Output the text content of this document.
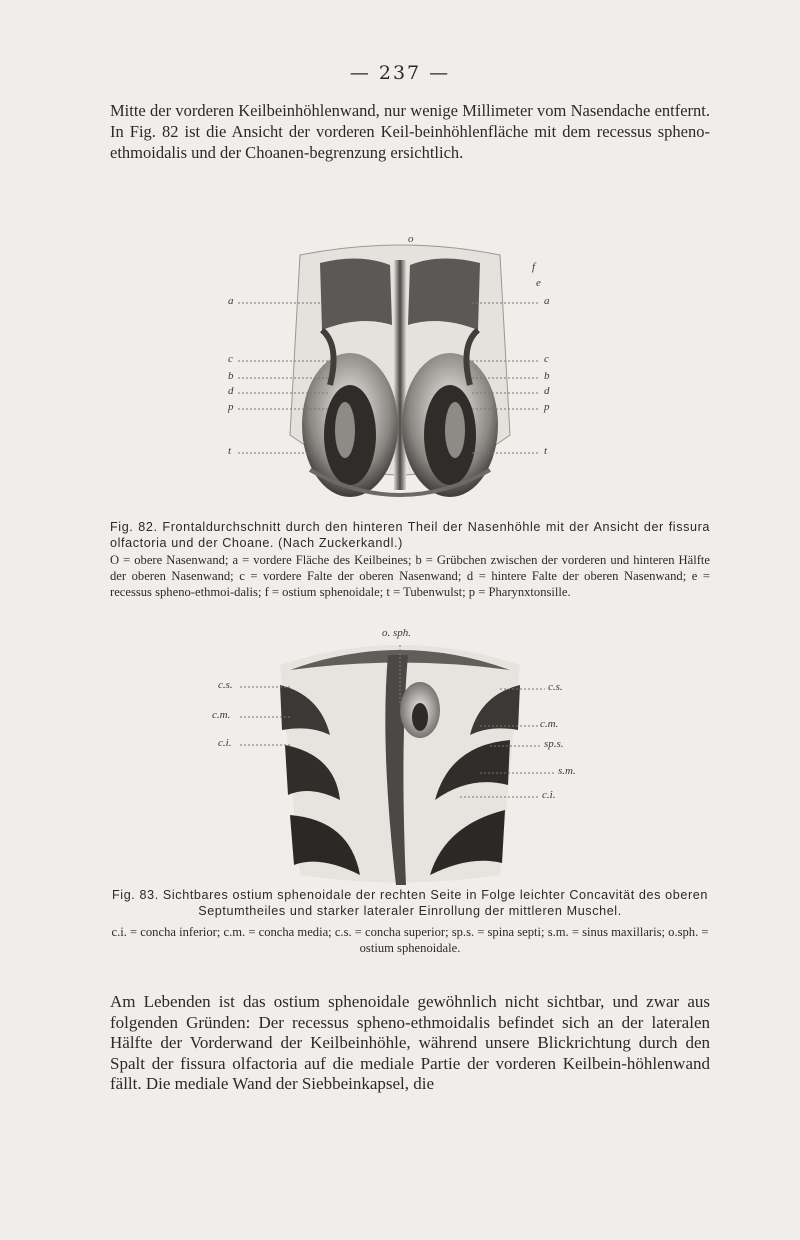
— 237 —
Mitte der vorderen Keilbeinhöhlenwand, nur wenige Millimeter vom Nasendache entfernt. In Fig. 82 ist die Ansicht der vorderen Keil-beinhöhlenfläche mit dem recessus spheno-ethmoidalis und der Choanen-begrenzung ersichtlich.
o
f
e
a	a
c	c
b	b
d	d
p	p
t	t
Fig. 82. Frontaldurchschnitt durch den hinteren Theil der Nasenhöhle mit der Ansicht der fissura olfactoria und der Choane. (Nach Zuckerkandl.)
O = obere Nasenwand; a = vordere Fläche des Keilbeines; b = Grübchen zwischen der vorderen und hinteren Hälfte der oberen Nasenwand; c = vordere Falte der oberen Nasenwand; d = hintere Falte der oberen Nasenwand; e = recessus spheno-ethmoi-dalis; f = ostium sphenoidale; t = Tubenwulst; p = Pharynxtonsille.
o. sph.
c.s.
c.m.
c.i.
c.s.
c.m.
sp.s.
s.m.
c.i.
Fig. 83. Sichtbares ostium sphenoidale der rechten Seite in Folge leichter Concavität des oberen Septumtheiles und starker lateraler Einrollung der mittleren Muschel.
c.i. = concha inferior; c.m. = concha media; c.s. = concha superior; sp.s. = spina septi; s.m. = sinus maxillaris; o.sph. = ostium sphenoidale.
Am Lebenden ist das ostium sphenoidale gewöhnlich nicht sichtbar, und zwar aus folgenden Gründen: Der recessus spheno-ethmoidalis befindet sich an der lateralen Hälfte der Vorderwand der Keilbeinhöhle, während unsere Blickrichtung durch den Spalt der fissura olfactoria auf die mediale Partie der vorderen Keilbein-höhlenwand fällt. Die mediale Wand der Siebbeinkapsel, die
